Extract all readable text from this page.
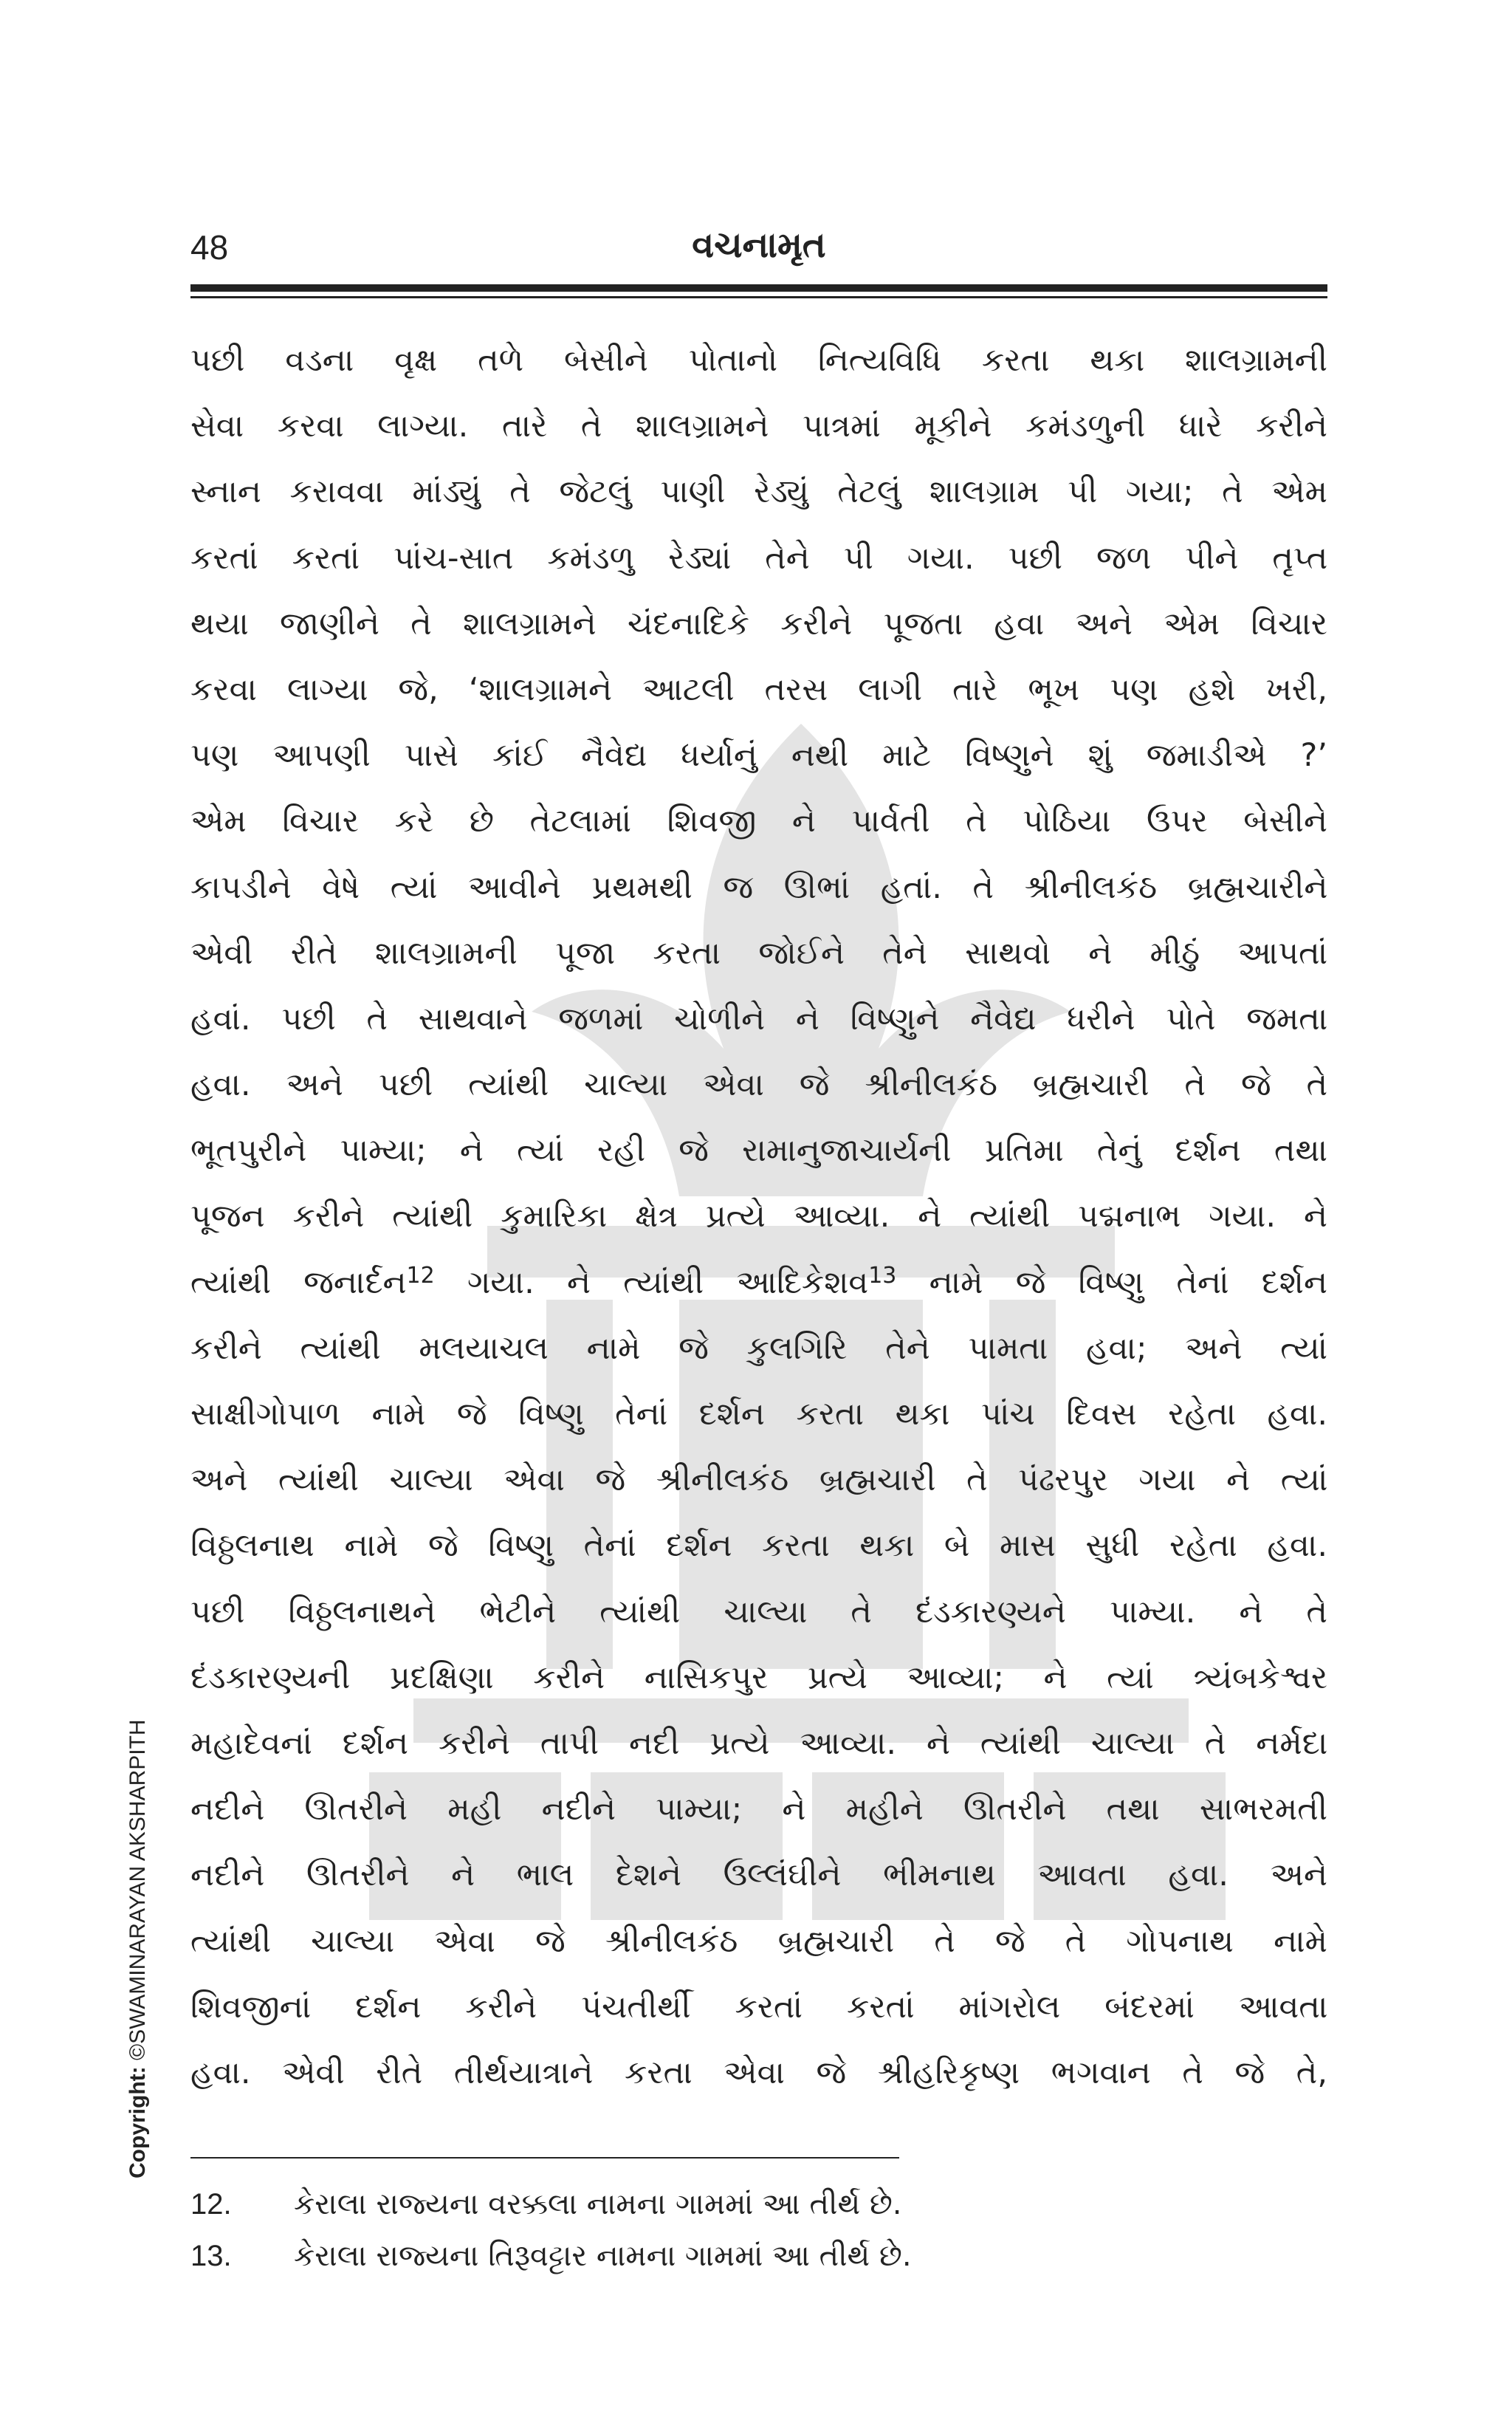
48	વચનામૃત
પછી વડના વૃક્ષ તળે બેસીને પોતાનો નિત્યવિધિ કરતા થકા શાલગ્રામની
સેવા કરવા લાગ્યા. તારે તે શાલગ્રામને પાત્રમાં મૂકીને કમંડળુની ધારે કરીને
સ્નાન કરાવવા માંડ્યું તે જેટલું પાણી રેડ્યું તેટલું શાલગ્રામ પી ગયા; તે એમ
કરતાં કરતાં પાંચ-સાત કમંડળુ રેડ્યાં તેને પી ગયા. પછી જળ પીને તૃપ્ત
થયા જાણીને તે શાલગ્રામને ચંદનાદિકે કરીને પૂજતા હવા અને એમ વિચાર
કરવા લાગ્યા જે, ‘શાલગ્રામને આટલી તરસ લાગી તારે ભૂખ પણ હશે ખરી,
પણ આપણી પાસે કાંઈ નૈવેદ્ય ધર્યાનું નથી માટે વિષ્ણુને શું જમાડીએ ?’
એમ વિચાર કરે છે તેટલામાં શિવજી ને પાર્વતી તે પોઠિયા ઉપર બેસીને
કાપડીને વેષે ત્યાં આવીને પ્રથમથી જ ઊભાં હતાં. તે શ્રીનીલકંઠ બ્રહ્મચારીને
એવી રીતે શાલગ્રામની પૂજા કરતા જોઈને તેને સાથવો ને મીઠું આપતાં
હવાં. પછી તે સાથવાને જળમાં ચોળીને ને વિષ્ણુને નૈવેદ્ય ધરીને પોતે જમતા
હવા. અને પછી ત્યાંથી ચાલ્યા એવા જે શ્રીનીલકંઠ બ્રહ્મચારી તે જે તે
ભૂતપુરીને પામ્યા; ને ત્યાં રહી જે રામાનુજાચાર્યની પ્રતિમા તેનું દર્શન તથા
પૂજન કરીને ત્યાંથી કુમારિકા ક્ષેત્ર પ્રત્યે આવ્યા. ને ત્યાંથી પદ્મનાભ ગયા. ને
ત્યાંથી જનાર્દન$^{12}$ ગયા. ને ત્યાંથી આદિકેશવ$^{13}$ નામે જે વિષ્ણુ તેનાં દર્શન
કરીને ત્યાંથી મલયાચલ નામે જે કુલગિરિ તેને પામતા હવા; અને ત્યાં
સાક્ષીગોપાળ નામે જે વિષ્ણુ તેનાં દર્શન કરતા થકા પાંચ દિવસ રહેતા હવા.
અને ત્યાંથી ચાલ્યા એવા જે શ્રીનીલકંઠ બ્રહ્મચારી તે પંઢરપુર ગયા ને ત્યાં
વિઠ્ઠલનાથ નામે જે વિષ્ણુ તેનાં દર્શન કરતા થકા બે માસ સુધી રહેતા હવા.
પછી વિઠ્ઠલનાથને ભેટીને ત્યાંથી ચાલ્યા તે દંડકારણ્યને પામ્યા. ને તે
દંડકારણ્યની પ્રદક્ષિણા કરીને નાસિકપુર પ્રત્યે આવ્યા; ને ત્યાં ત્ર્યંબકેશ્વર
મહાદેવનાં દર્શન કરીને તાપી નદી પ્રત્યે આવ્યા. ને ત્યાંથી ચાલ્યા તે નર્મદા
નદીને ઊતરીને મહી નદીને પામ્યા; ને મહીને ઊતરીને તથા સાભરમતી
નદીને ઊતરીને ને ભાલ દેશને ઉલ્લંઘીને ભીમનાથ આવતા હવા. અને
ત્યાંથી ચાલ્યા એવા જે શ્રીનીલકંઠ બ્રહ્મચારી તે જે તે ગોપનાથ નામે
શિવજીનાં દર્શન કરીને પંચતીર્થી કરતાં કરતાં માંગરોલ બંદરમાં આવતા
હવા. એવી રીતે તીર્થયાત્રાને કરતા એવા જે શ્રીહરિકૃષ્ણ ભગવાન તે જે તે,
12.	કેરાલા રાજ્યના વરક્કલા નામના ગામમાં આ તીર્થ છે.
13.	કેરાલા રાજ્યના તિરૂવટ્ટાર નામના ગામમાં આ તીર્થ છે.
Copyright: ©SWAMINARAYAN AKSHARPITH
